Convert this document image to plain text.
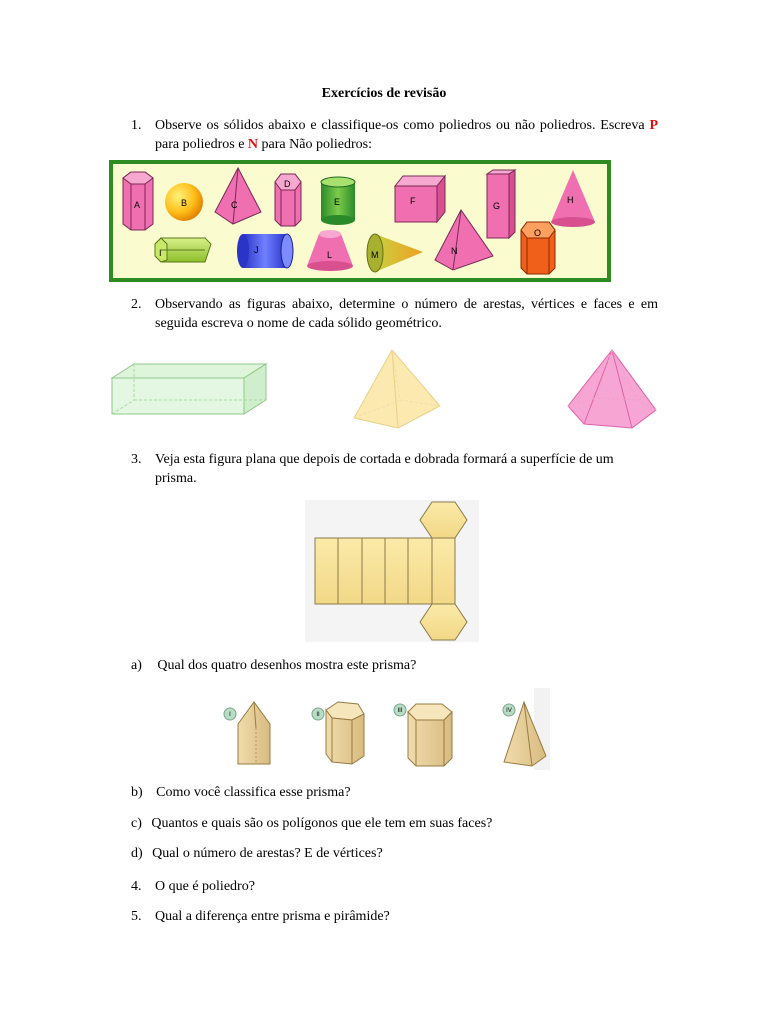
Exercícios de revisão
1. Observe os sólidos abaixo e classifique-os como poliedros ou não poliedros. Escreva P para poliedros e N para Não poliedros:
A	B	C
D
E	F	G
H
I	J	L	M	N
O
2. Observando as figuras abaixo, determine o número de arestas, vértices e faces e em seguida escreva o nome de cada sólido geométrico.
3. Veja esta figura plana que depois de cortada e dobrada formará a superfície de um prisma.
a) Qual dos quatro desenhos mostra este prisma?
I	II
III	IV
b) Como você classifica esse prisma?
c) Quantos e quais são os polígonos que ele tem em suas faces?
d) Qual o número de arestas? E de vértices?
4. O que é poliedro?
5. Qual a diferença entre prisma e pirâmide?
